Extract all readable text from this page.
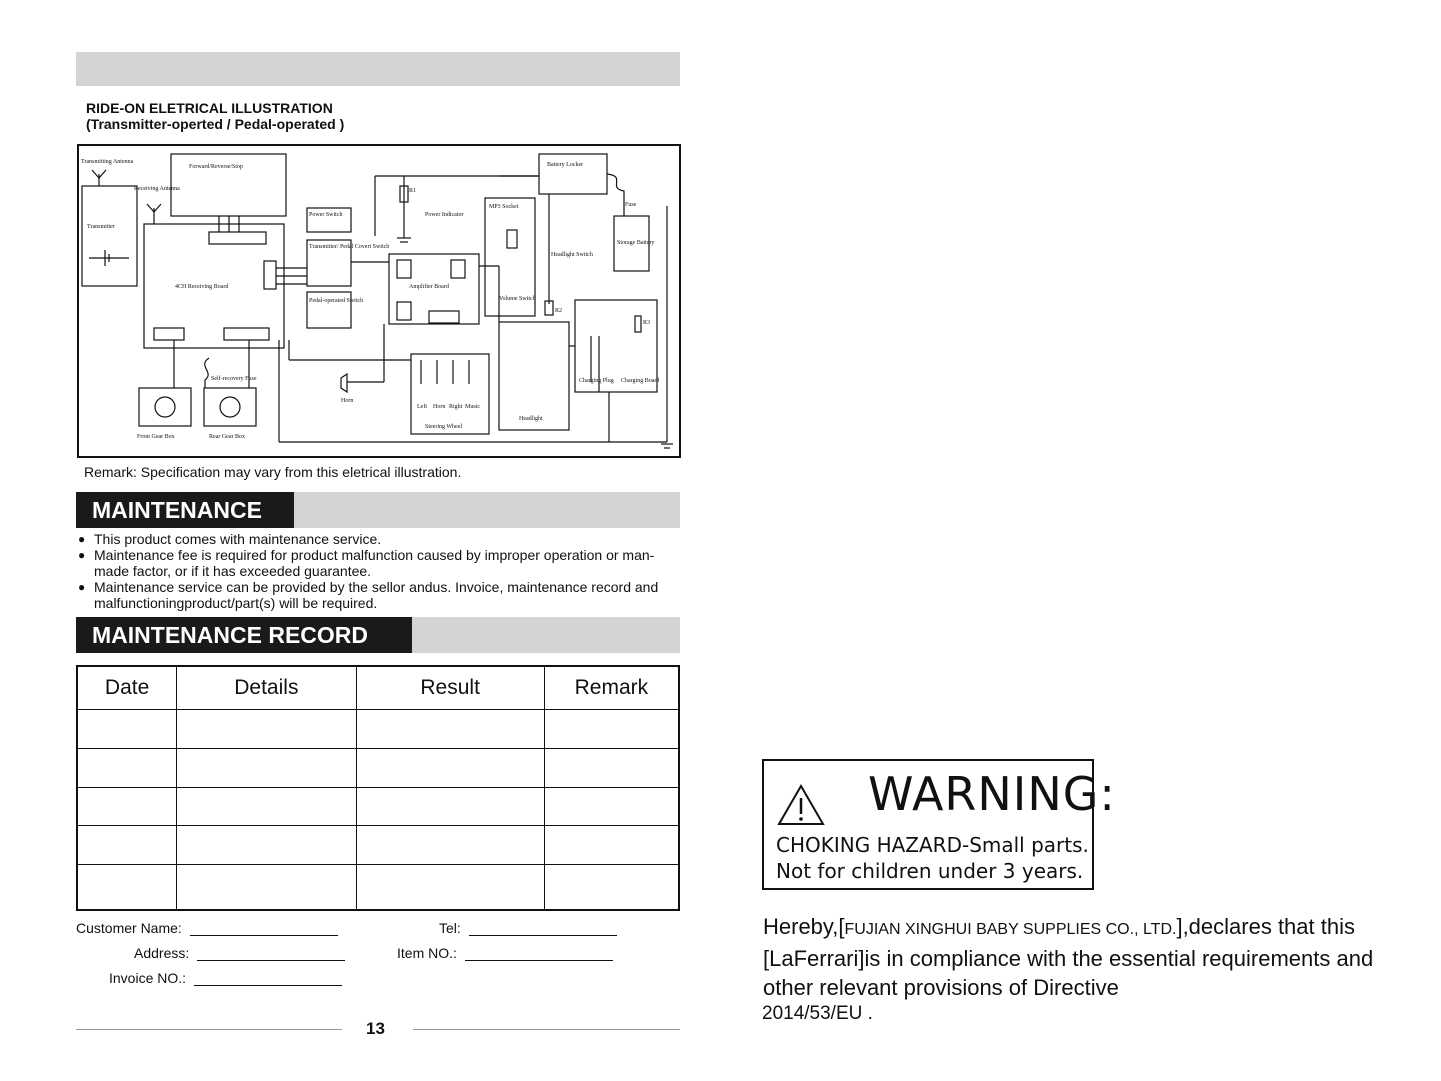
RIDE-ON ELETRICAL ILLUSTRATION
(Transmitter-operted / Pedal-operated )
Transmitting Antenna
Receiving Antenna
Transmitter
Forward/Reverse/Stop
4CH Receiving Board
Power Switch
Transmitter/ Pedal Covert Switch
Pedal-operated Switch
R1
Power Indicator
MP3 Socket
Amplifier Board
Volume Switch
Battery Locker
Fuse
Storage Battery
Headlight Switch
R2
R3
Charging Plug Charging Board
Self-recovery Fuse
Front Gear Box	Rear Gear Box
Horn
Left Horn Right Music
Steering Wheel
Headlight
Remark: Specification may vary from this eletrical illustration.
MAINTENANCE
● This product comes with maintenance service.
● Maintenance fee is required for product malfunction caused by improper operation or man-made factor, or if it has exceeded guarantee.
● Maintenance service can be provided by the sellor andus. Invoice, maintenance record and malfunctioningproduct/part(s) will be required.
MAINTENANCE RECORD
Date	Details	Result	Remark

Customer Name:
Address:
Invoice NO.:
Tel:
Item NO.:
13
WARNING:
CHOKING HAZARD-Small parts.
Not for children under 3 years.
Hereby,[FUJIAN XINGHUI BABY SUPPLIES CO., LTD.],declares that this [LaFerrari]is in compliance with the essential requirements and other relevant provisions of Directive
2014/53/EU .
